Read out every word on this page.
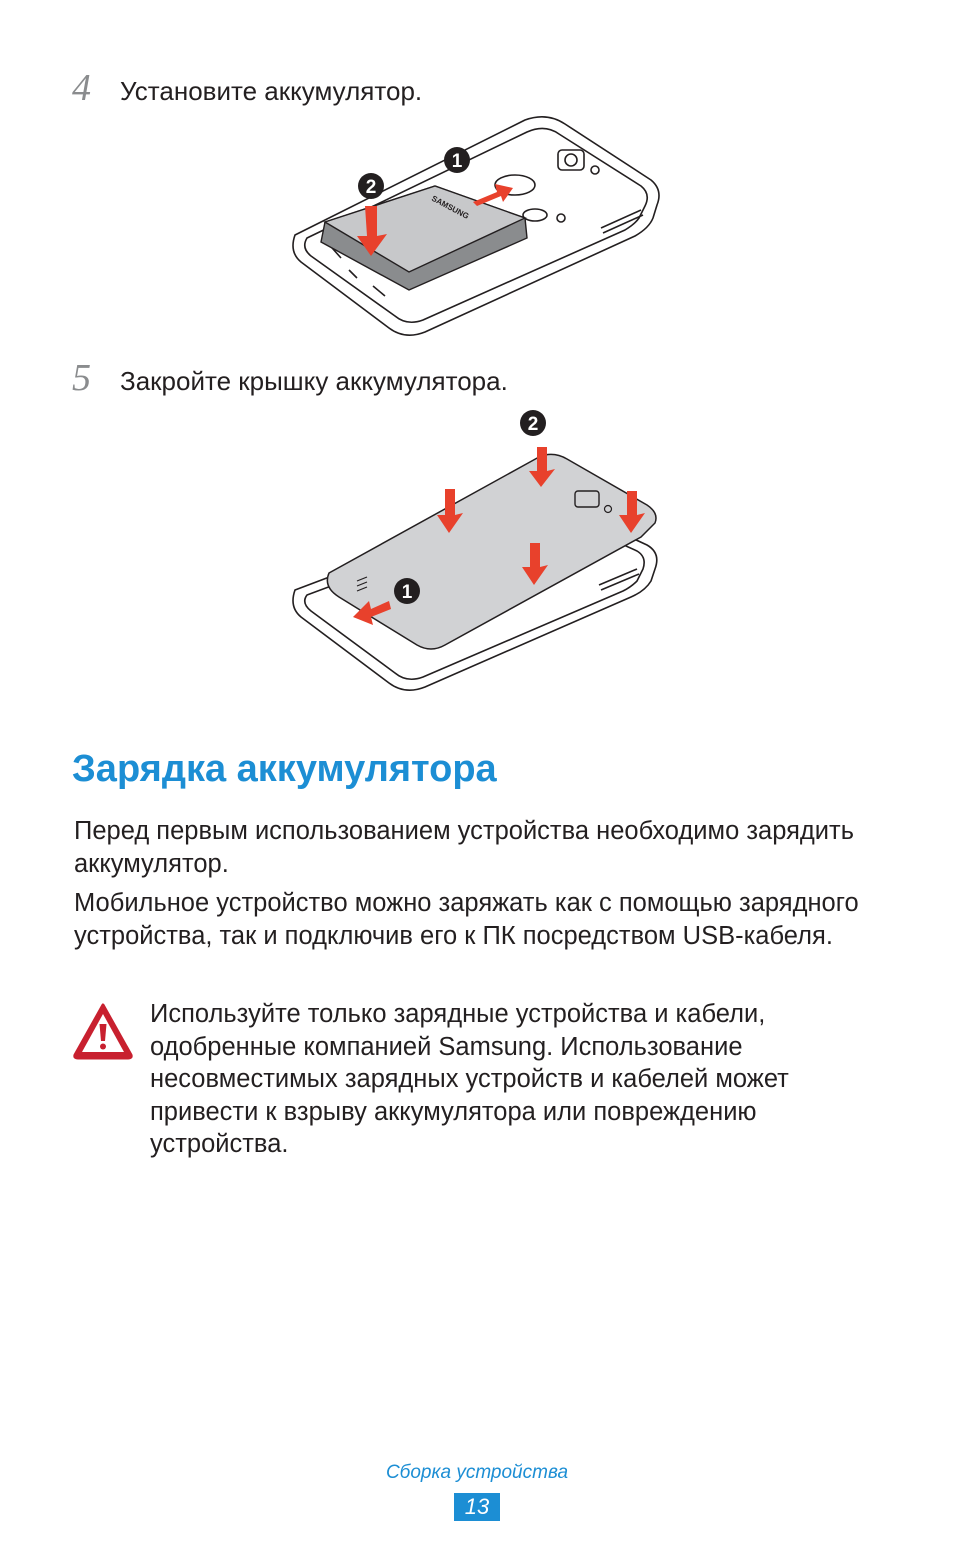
4	Установите аккумулятор.
SAMSUNG
1
2
5	Закройте крышку аккумулятора.
2
1
Зарядка аккумулятора

Перед первым использованием устройства необходимо зарядить аккумулятор.

Мобильное устройство можно заряжать как с помощью зарядного устройства, так и подключив его к ПК посредством USB-кабеля.

Используйте только зарядные устройства и кабели, одобренные компанией Samsung. Использование несовместимых зарядных устройств и кабелей может привести к взрыву аккумулятора или повреждению устройства.

Сборка устройства
13
